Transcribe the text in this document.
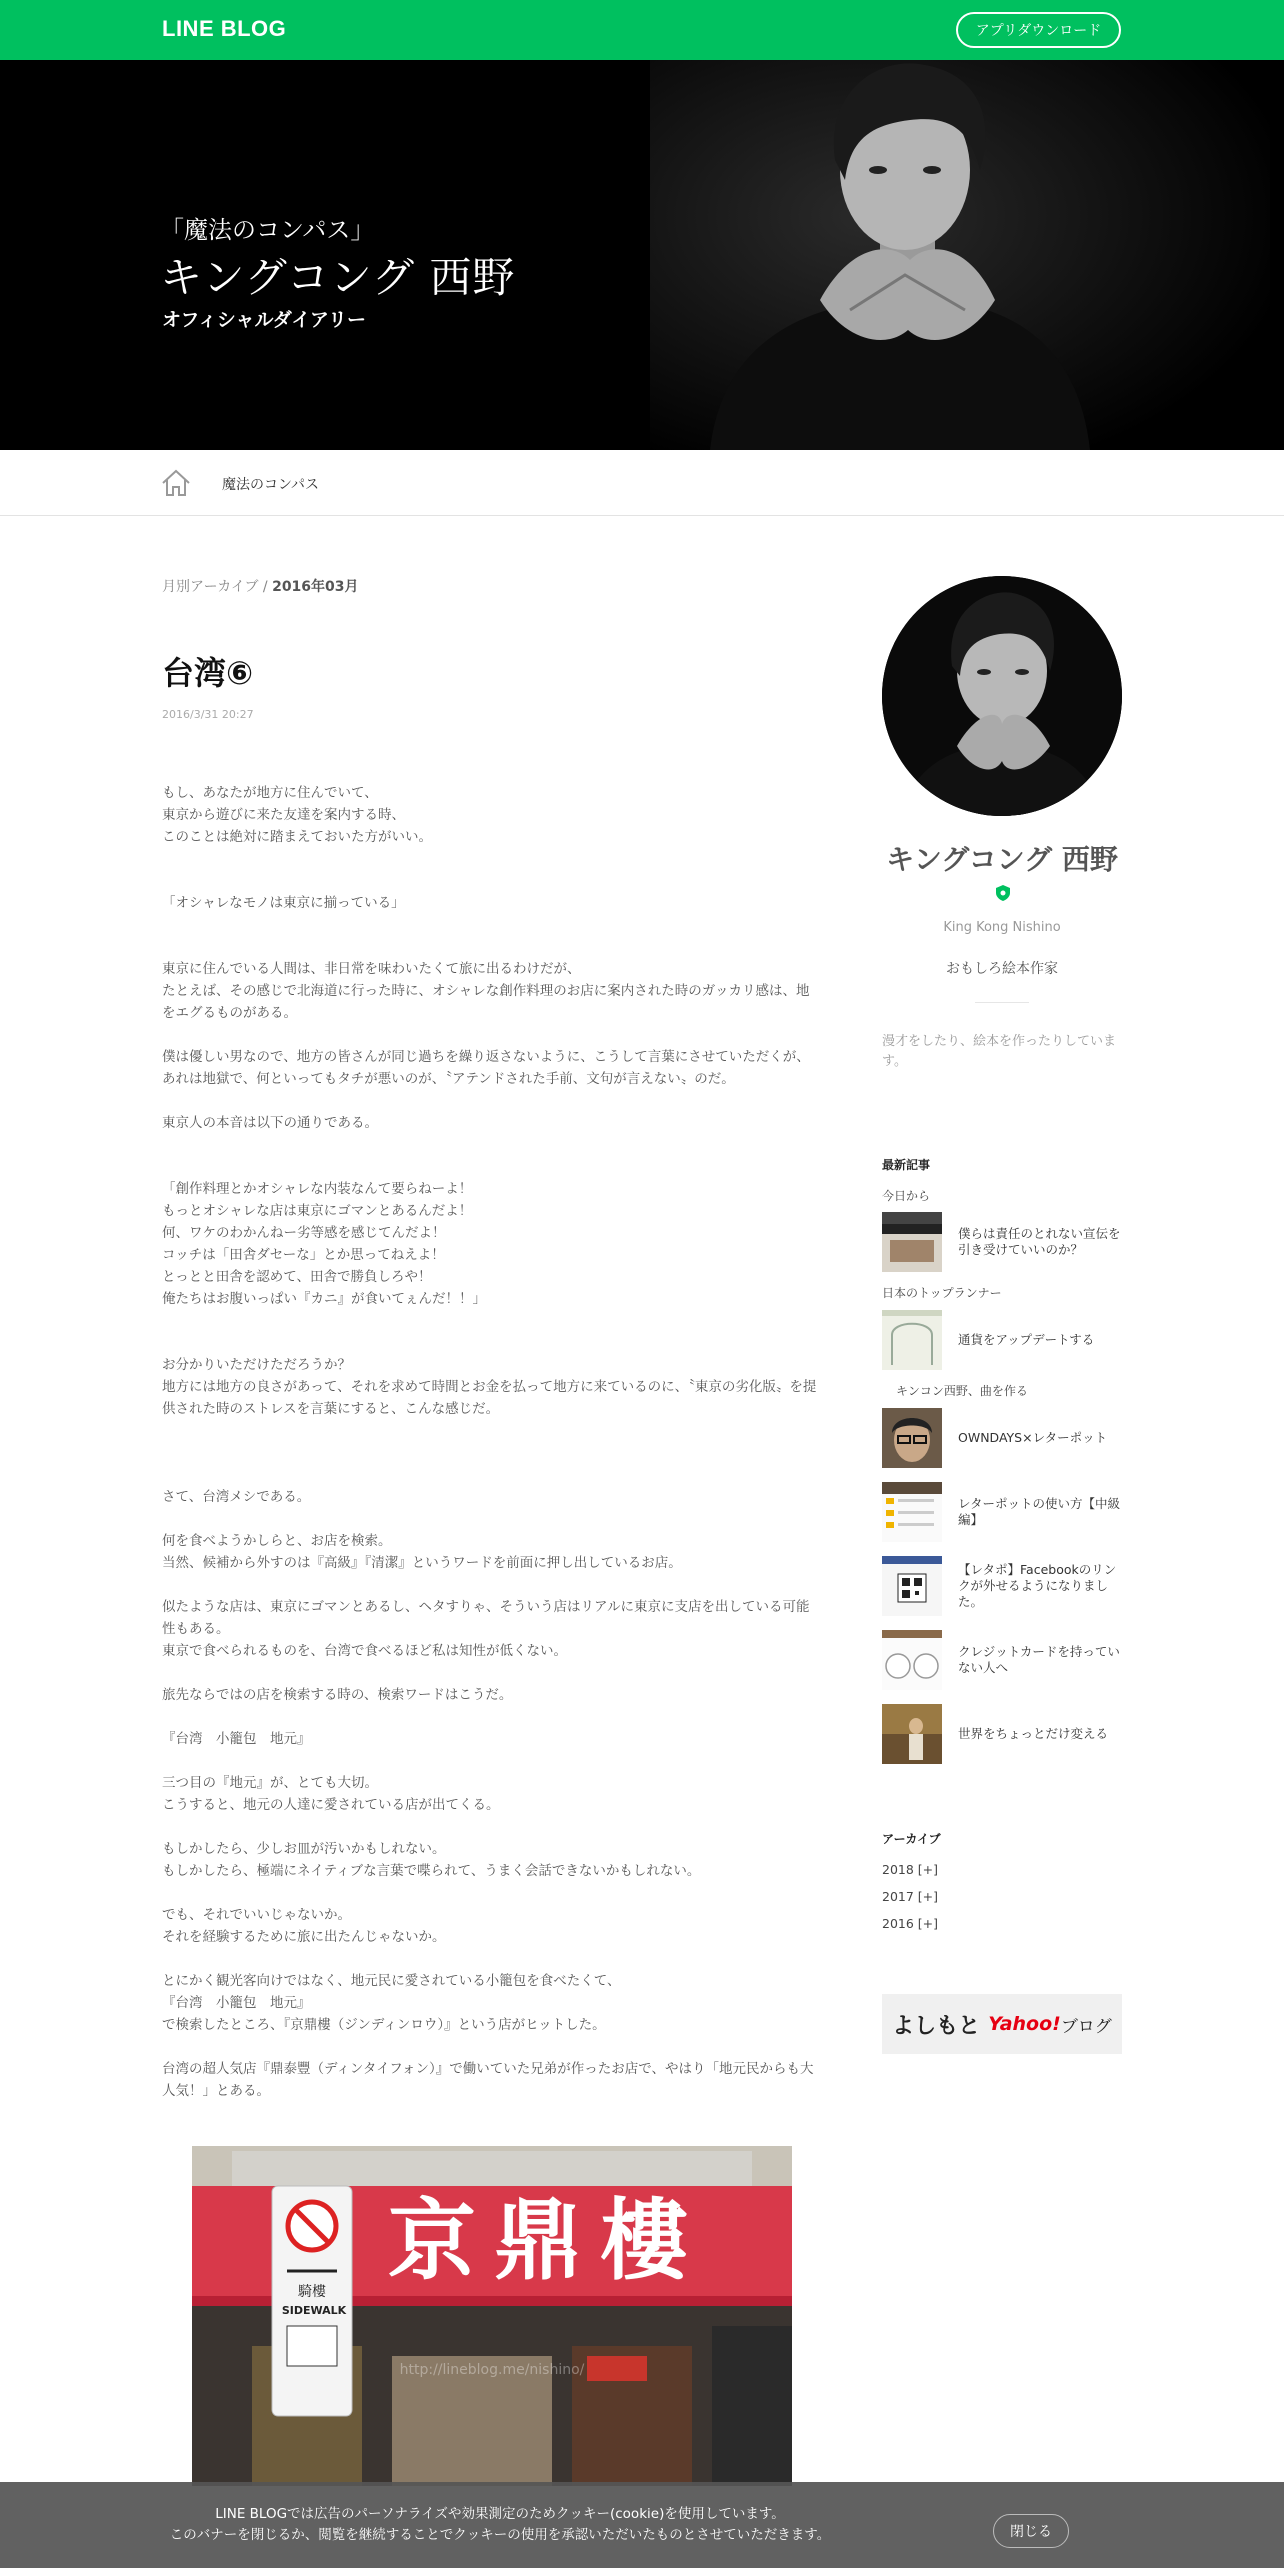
LINE BLOG	アプリダウンロード
「魔法のコンパス」
キングコング 西野
オフィシャルダイアリー
魔法のコンパス
月別アーカイブ / 2016年03月
台湾⑥
2016/3/31 20:27

もし、あなたが地方に住んでいて、
東京から遊びに来た友達を案内する時、
このことは絶対に踏まえておいた方がいい。

「オシャレなモノは東京に揃っている」

東京に住んでいる人間は、非日常を味わいたくて旅に出るわけだが、
たとえば、その感じで北海道に行った時に、オシャレな創作料理のお店に案内された時のガッカリ感は、地をエグるものがある。

僕は優しい男なので、地方の皆さんが同じ過ちを繰り返さないように、こうして言葉にさせていただくが、
あれは地獄で、何といってもタチが悪いのが、〝アテンドされた手前、文句が言えない〟のだ。

東京人の本音は以下の通りである。

「創作料理とかオシャレな内装なんて要らねーよ！
もっとオシャレな店は東京にゴマンとあるんだよ！
何、ワケのわかんねー劣等感を感じてんだよ！
コッチは「田舎ダセーな」とか思ってねえよ！
とっとと田舎を認めて、田舎で勝負しろや！
俺たちはお腹いっぱい『カニ』が食いてぇんだ！！」

お分かりいただけただろうか？
地方には地方の良さがあって、それを求めて時間とお金を払って地方に来ているのに、〝東京の劣化版〟を提供された時のストレスを言葉にすると、こんな感じだ。

さて、台湾メシである。

何を食べようかしらと、お店を検索。
当然、候補から外すのは『高級』『清潔』というワードを前面に押し出しているお店。

似たような店は、東京にゴマンとあるし、ヘタすりゃ、そういう店はリアルに東京に支店を出している可能性もある。
東京で食べられるものを、台湾で食べるほど私は知性が低くない。

旅先ならではの店を検索する時の、検索ワードはこうだ。

『台湾　小籠包　地元』

三つ目の『地元』が、とても大切。
こうすると、地元の人達に愛されている店が出てくる。

もしかしたら、少しお皿が汚いかもしれない。
もしかしたら、極端にネイティブな言葉で喋られて、うまく会話できないかもしれない。

でも、それでいいじゃないか。
それを経験するために旅に出たんじゃないか。

とにかく観光客向けではなく、地元民に愛されている小籠包を食べたくて、
『台湾　小籠包　地元』
で検索したところ、『京鼎樓（ジンディンロウ）』という店がヒットした。

台湾の超人気店『鼎泰豐（ディンタイフォン）』で働いていた兄弟が作ったお店で、やはり「地元民からも大人気！」とある。

京鼎樓
騎樓
SIDEWALK
http://lineblog.me/nishino/
キングコング 西野
King Kong Nishino
おもしろ絵本作家
漫才をしたり、絵本を作ったりしています。
最新記事
今日から
僕らは責任のとれない宣伝を引き受けていいのか？
日本のトップランナー
通貨をアップデートする
キンコン西野、曲を作る
OWNDAYS×レターポット
レターポットの使い方【中級編】
【レタポ】Facebookのリンクが外せるようになりました。
クレジットカードを持っていない人へ
世界をちょっとだけ変える
アーカイブ
2018 [+]
2017 [+]
2016 [+]
よしもと Yahoo! ブログ
LINE BLOGでは広告のパーソナライズや効果測定のためクッキー(cookie)を使用しています。
このバナーを閉じるか、閲覧を継続することでクッキーの使用を承認いただいたものとさせていただきます。	閉じる
